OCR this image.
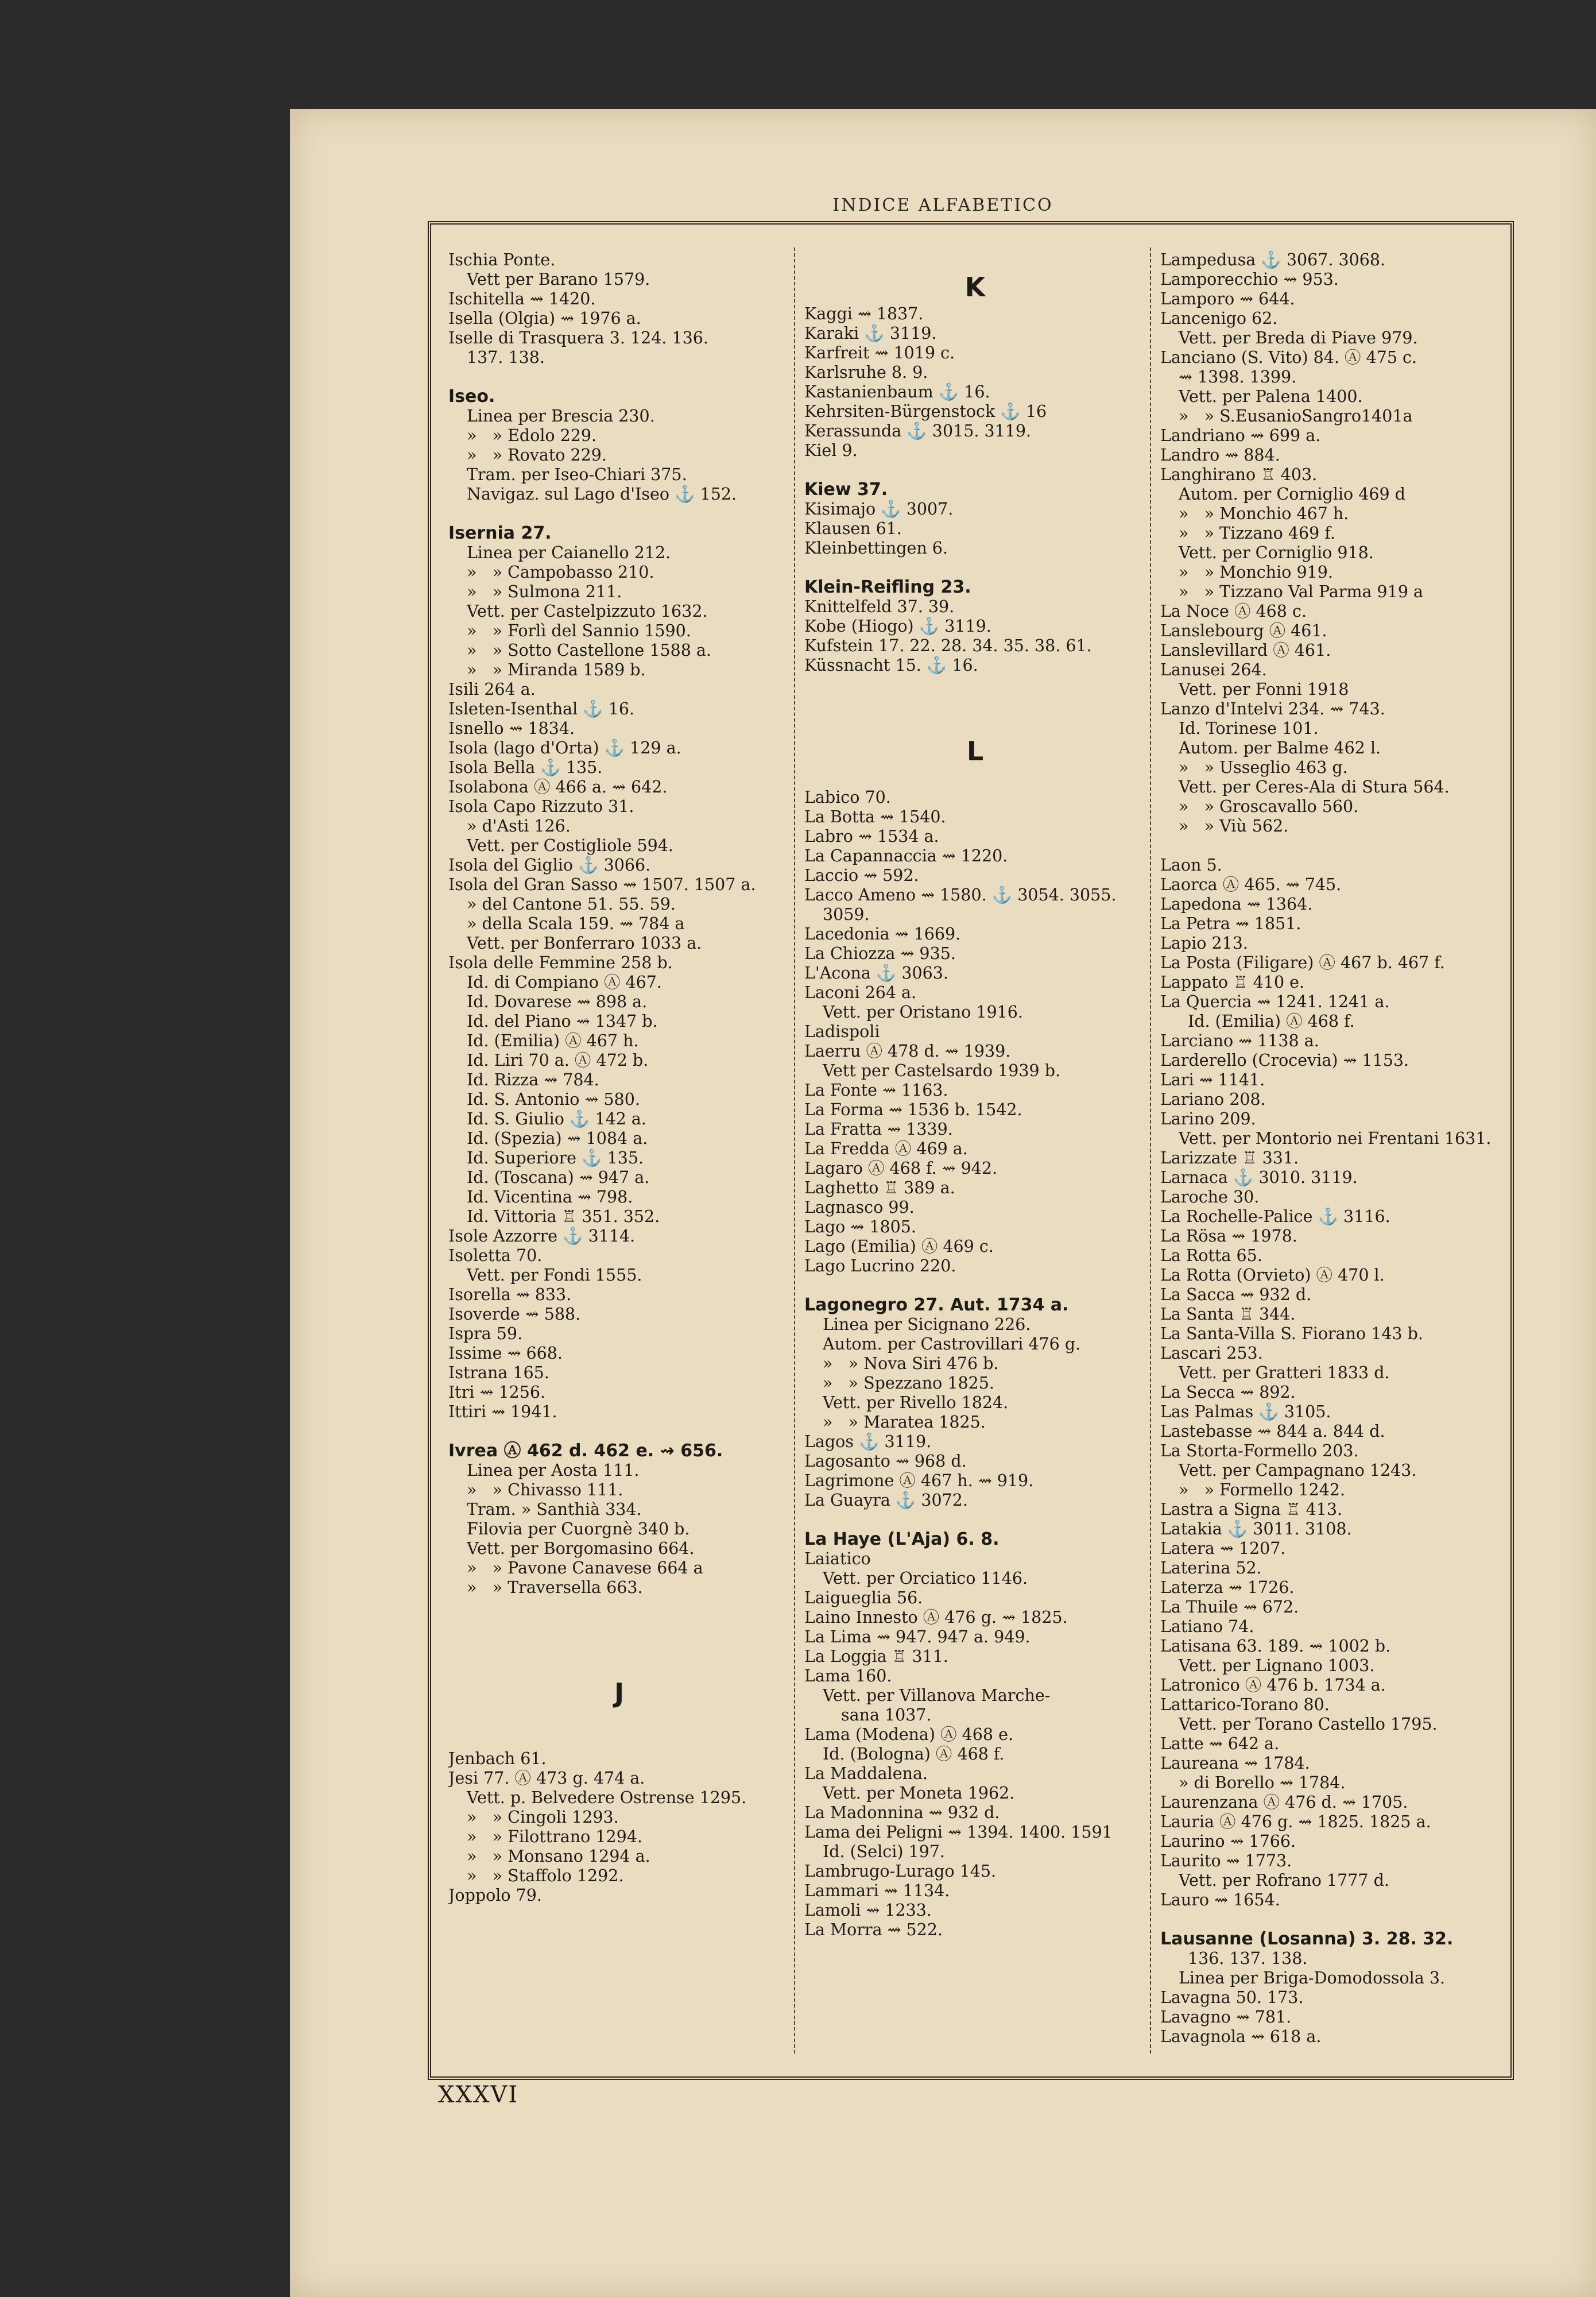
INDICE ALFABETICO
Ischia Ponte.
Vett per Barano 1579.
Ischitella ⇝ 1420.
Isella (Olgia) ⇝ 1976 a.
Iselle di Trasquera 3. 124. 136.
137. 138.
Iseo.
Linea per Brescia 230.
»   » Edolo 229.
»   » Rovato 229.
Tram. per Iseo-Chiari 375.
Navigaz. sul Lago d'Iseo ⚓ 152.
Isernia 27.
Linea per Caianello 212.
»   » Campobasso 210.
»   » Sulmona 211.
Vett. per Castelpizzuto 1632.
»   » Forlì del Sannio 1590.
»   » Sotto Castellone 1588 a.
»   » Miranda 1589 b.
Isili 264 a.
Isleten-Isenthal ⚓ 16.
Isnello ⇝ 1834.
Isola (lago d'Orta) ⚓ 129 a.
Isola Bella ⚓ 135.
Isolabona Ⓐ 466 a. ⇝ 642.
Isola Capo Rizzuto 31.
» d'Asti 126.
Vett. per Costigliole 594.
Isola del Giglio ⚓ 3066.
Isola del Gran Sasso ⇝ 1507. 1507 a.
» del Cantone 51. 55. 59.
» della Scala 159. ⇝ 784 a
Vett. per Bonferraro 1033 a.
Isola delle Femmine 258 b.
Id. di Compiano Ⓐ 467.
Id. Dovarese ⇝ 898 a.
Id. del Piano ⇝ 1347 b.
Id. (Emilia) Ⓐ 467 h.
Id. Liri 70 a. Ⓐ 472 b.
Id. Rizza ⇝ 784.
Id. S. Antonio ⇝ 580.
Id. S. Giulio ⚓ 142 a.
Id. (Spezia) ⇝ 1084 a.
Id. Superiore ⚓ 135.
Id. (Toscana) ⇝ 947 a.
Id. Vicentina ⇝ 798.
Id. Vittoria ♖ 351. 352.
Isole Azzorre ⚓ 3114.
Isoletta 70.
Vett. per Fondi 1555.
Isorella ⇝ 833.
Isoverde ⇝ 588.
Ispra 59.
Issime ⇝ 668.
Istrana 165.
Itri ⇝ 1256.
Ittiri ⇝ 1941.
Ivrea Ⓐ 462 d. 462 e. ⇝ 656.
Linea per Aosta 111.
»   » Chivasso 111.
Tram. » Santhià 334.
Filovia per Cuorgnè 340 b.
Vett. per Borgomasino 664.
»   » Pavone Canavese 664 a
»   » Traversella 663.
J
Jenbach 61.
Jesi 77. Ⓐ 473 g. 474 a.
Vett. p. Belvedere Ostrense 1295.
»   » Cingoli 1293.
»   » Filottrano 1294.
»   » Monsano 1294 a.
»   » Staffolo 1292.
Joppolo 79.
K
Kaggi ⇝ 1837.
Karaki ⚓ 3119.
Karfreit ⇝ 1019 c.
Karlsruhe 8. 9.
Kastanienbaum ⚓ 16.
Kehrsiten-Bürgenstock ⚓ 16
Kerassunda ⚓ 3015. 3119.
Kiel 9.
Kiew 37.
Kisimajo ⚓ 3007.
Klausen 61.
Kleinbettingen 6.
Klein-Reifling 23.
Knittelfeld 37. 39.
Kobe (Hiogo) ⚓ 3119.
Kufstein 17. 22. 28. 34. 35. 38. 61.
Küssnacht 15. ⚓ 16.
L
Labico 70.
La Botta ⇝ 1540.
Labro ⇝ 1534 a.
La Capannaccia ⇝ 1220.
Laccio ⇝ 592.
Lacco Ameno ⇝ 1580. ⚓ 3054. 3055.
3059.
Lacedonia ⇝ 1669.
La Chiozza ⇝ 935.
L'Acona ⚓ 3063.
Laconi 264 a.
Vett. per Oristano 1916.
Ladispoli
Laerru Ⓐ 478 d. ⇝ 1939.
Vett per Castelsardo 1939 b.
La Fonte ⇝ 1163.
La Forma ⇝ 1536 b. 1542.
La Fratta ⇝ 1339.
La Fredda Ⓐ 469 a.
Lagaro Ⓐ 468 f. ⇝ 942.
Laghetto ♖ 389 a.
Lagnasco 99.
Lago ⇝ 1805.
Lago (Emilia) Ⓐ 469 c.
Lago Lucrino 220.
Lagonegro 27. Aut. 1734 a.
Linea per Sicignano 226.
Autom. per Castrovillari 476 g.
»   » Nova Siri 476 b.
»   » Spezzano 1825.
Vett. per Rivello 1824.
»   » Maratea 1825.
Lagos ⚓ 3119.
Lagosanto ⇝ 968 d.
Lagrimone Ⓐ 467 h. ⇝ 919.
La Guayra ⚓ 3072.
La Haye (L'Aja) 6. 8.
Laiatico
Vett. per Orciatico 1146.
Laigueglia 56.
Laino Innesto Ⓐ 476 g. ⇝ 1825.
La Lima ⇝ 947. 947 a. 949.
La Loggia ♖ 311.
Lama 160.
Vett. per Villanova Marche-
sana 1037.
Lama (Modena) Ⓐ 468 e.
Id. (Bologna) Ⓐ 468 f.
La Maddalena.
Vett. per Moneta 1962.
La Madonnina ⇝ 932 d.
Lama dei Peligni ⇝ 1394. 1400. 1591
Id. (Selci) 197.
Lambrugo-Lurago 145.
Lammari ⇝ 1134.
Lamoli ⇝ 1233.
La Morra ⇝ 522.
Lampedusa ⚓ 3067. 3068.
Lamporecchio ⇝ 953.
Lamporo ⇝ 644.
Lancenigo 62.
Vett. per Breda di Piave 979.
Lanciano (S. Vito) 84. Ⓐ 475 c.
⇝ 1398. 1399.
Vett. per Palena 1400.
»   » S.EusanioSangro1401a
Landriano ⇝ 699 a.
Landro ⇝ 884.
Langhirano ♖ 403.
Autom. per Corniglio 469 d
»   » Monchio 467 h.
»   » Tizzano 469 f.
Vett. per Corniglio 918.
»   » Monchio 919.
»   » Tizzano Val Parma 919 a
La Noce Ⓐ 468 c.
Lanslebourg Ⓐ 461.
Lanslevillard Ⓐ 461.
Lanusei 264.
Vett. per Fonni 1918
Lanzo d'Intelvi 234. ⇝ 743.
Id. Torinese 101.
Autom. per Balme 462 l.
»   » Usseglio 463 g.
Vett. per Ceres-Ala di Stura 564.
»   » Groscavallo 560.
»   » Viù 562.
Laon 5.
Laorca Ⓐ 465. ⇝ 745.
Lapedona ⇝ 1364.
La Petra ⇝ 1851.
Lapio 213.
La Posta (Filigare) Ⓐ 467 b. 467 f.
Lappato ♖ 410 e.
La Quercia ⇝ 1241. 1241 a.
Id. (Emilia) Ⓐ 468 f.
Larciano ⇝ 1138 a.
Larderello (Crocevia) ⇝ 1153.
Lari ⇝ 1141.
Lariano 208.
Larino 209.
Vett. per Montorio nei Frentani 1631.
Larizzate ♖ 331.
Larnaca ⚓ 3010. 3119.
Laroche 30.
La Rochelle-Palice ⚓ 3116.
La Rösa ⇝ 1978.
La Rotta 65.
La Rotta (Orvieto) Ⓐ 470 l.
La Sacca ⇝ 932 d.
La Santa ♖ 344.
La Santa-Villa S. Fiorano 143 b.
Lascari 253.
Vett. per Gratteri 1833 d.
La Secca ⇝ 892.
Las Palmas ⚓ 3105.
Lastebasse ⇝ 844 a. 844 d.
La Storta-Formello 203.
Vett. per Campagnano 1243.
»   » Formello 1242.
Lastra a Signa ♖ 413.
Latakia ⚓ 3011. 3108.
Latera ⇝ 1207.
Laterina 52.
Laterza ⇝ 1726.
La Thuile ⇝ 672.
Latiano 74.
Latisana 63. 189. ⇝ 1002 b.
Vett. per Lignano 1003.
Latronico Ⓐ 476 b. 1734 a.
Lattarico-Torano 80.
Vett. per Torano Castello 1795.
Latte ⇝ 642 a.
Laureana ⇝ 1784.
» di Borello ⇝ 1784.
Laurenzana Ⓐ 476 d. ⇝ 1705.
Lauria Ⓐ 476 g. ⇝ 1825. 1825 a.
Laurino ⇝ 1766.
Laurito ⇝ 1773.
Vett. per Rofrano 1777 d.
Lauro ⇝ 1654.
Lausanne (Losanna) 3. 28. 32.
136. 137. 138.
Linea per Briga-Domodossola 3.
Lavagna 50. 173.
Lavagno ⇝ 781.
Lavagnola ⇝ 618 a.
XXXVI
